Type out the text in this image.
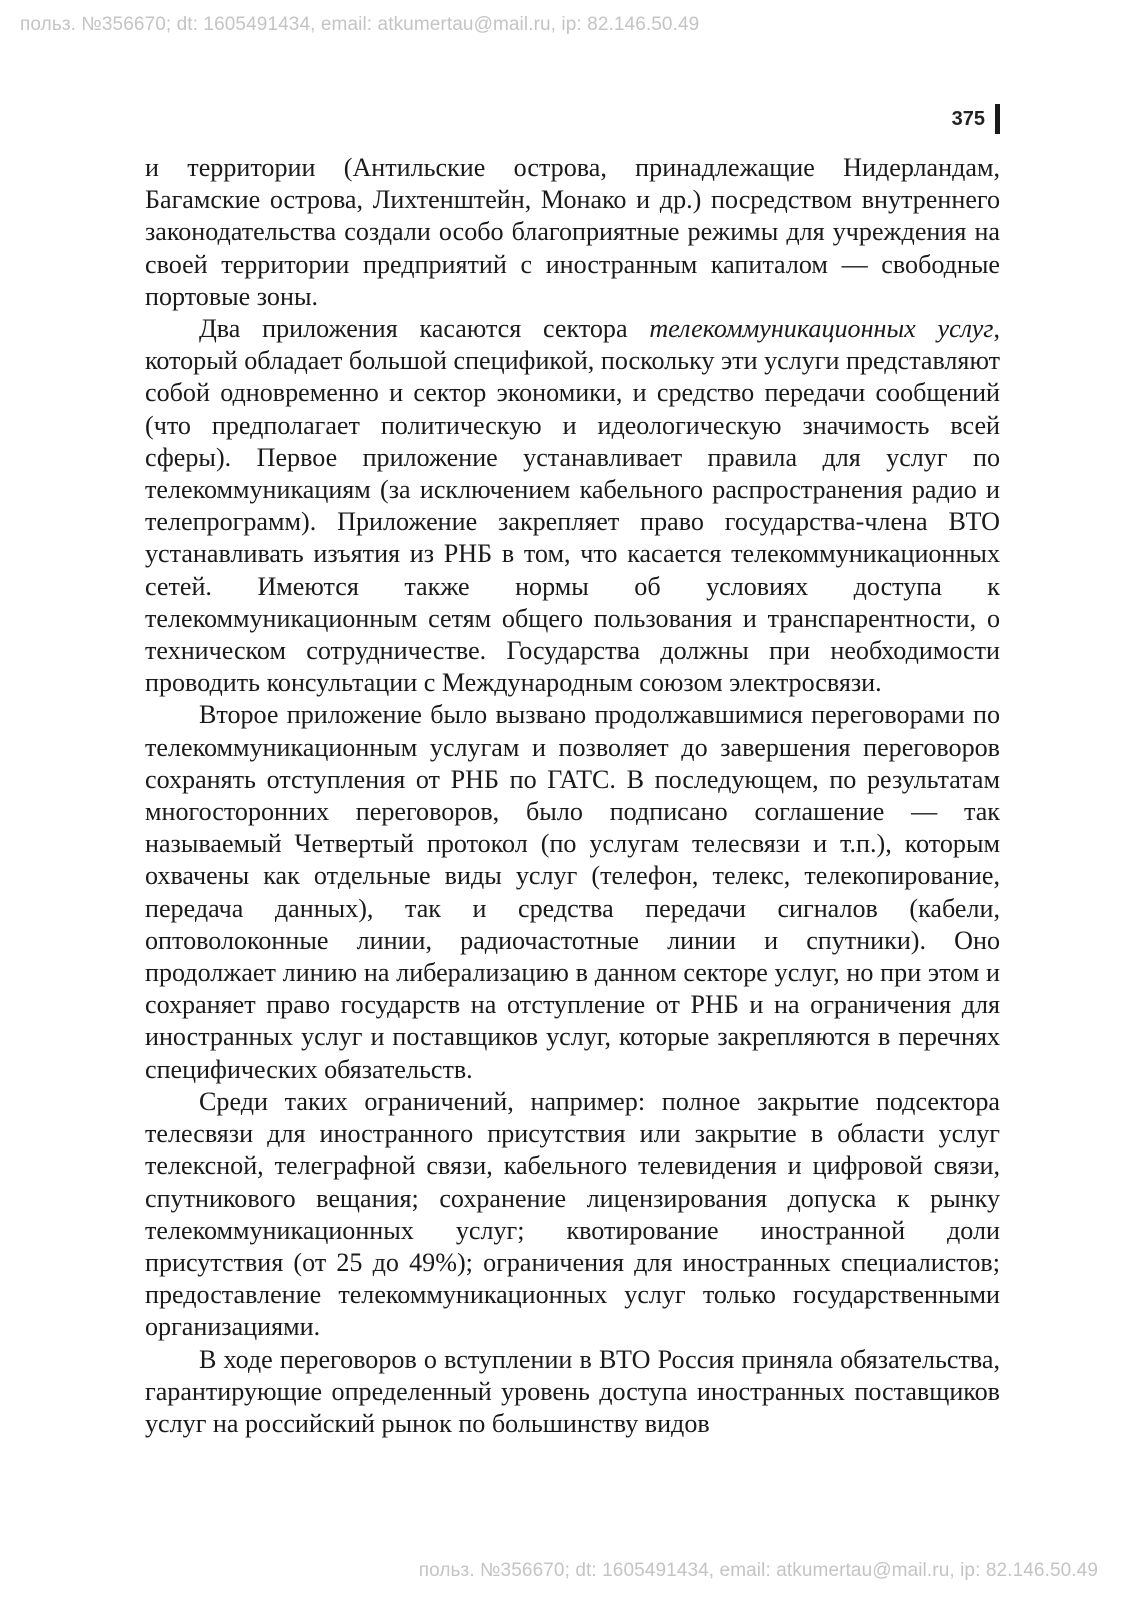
польз. №356670; dt: 1605491434, email: atkumertau@mail.ru, ip: 82.146.50.49
375

и территории (Антильские острова, принадлежащие Нидерландам, Багамские острова, Лихтенштейн, Монако и др.) посредством внутреннего законодательства создали особо благоприятные режимы для учреждения на своей территории предприятий с иностранным капиталом — свободные портовые зоны.

Два приложения касаются сектора телекоммуникационных услуг, который обладает большой спецификой, поскольку эти услуги представляют собой одновременно и сектор экономики, и средство передачи сообщений (что предполагает политическую и идеологическую значимость всей сферы). Первое приложение устанавливает правила для услуг по телекоммуникациям (за исключением кабельного распространения радио и телепрограмм). Приложение закрепляет право государства-члена ВТО устанавливать изъятия из РНБ в том, что касается телекоммуникационных сетей. Имеются также нормы об условиях доступа к телекоммуникационным сетям общего пользования и транспарентности, о техническом сотрудничестве. Государства должны при необходимости проводить консультации с Международным союзом электросвязи.

Второе приложение было вызвано продолжавшимися переговорами по телекоммуникационным услугам и позволяет до завершения переговоров сохранять отступления от РНБ по ГАТС. В последующем, по результатам многосторонних переговоров, было подписано соглашение — так называемый Четвертый протокол (по услугам телесвязи и т.п.), которым охвачены как отдельные виды услуг (телефон, телекс, телекопирование, передача данных), так и средства передачи сигналов (кабели, оптоволоконные линии, радиочастотные линии и спутники). Оно продолжает линию на либерализацию в данном секторе услуг, но при этом и сохраняет право государств на отступление от РНБ и на ограничения для иностранных услуг и поставщиков услуг, которые закрепляются в перечнях специфических обязательств.

Среди таких ограничений, например: полное закрытие подсектора телесвязи для иностранного присутствия или закрытие в области услуг телексной, телеграфной связи, кабельного телевидения и цифровой связи, спутникового вещания; сохранение лицензирования допуска к рынку телекоммуникационных услуг; квотирование иностранной доли присутствия (от 25 до 49%); ограничения для иностранных специалистов; предоставление телекоммуникационных услуг только государственными организациями.

В ходе переговоров о вступлении в ВТО Россия приняла обязательства, гарантирующие определенный уровень доступа иностранных поставщиков услуг на российский рынок по большинству видов

польз. №356670; dt: 1605491434, email: atkumertau@mail.ru, ip: 82.146.50.49
